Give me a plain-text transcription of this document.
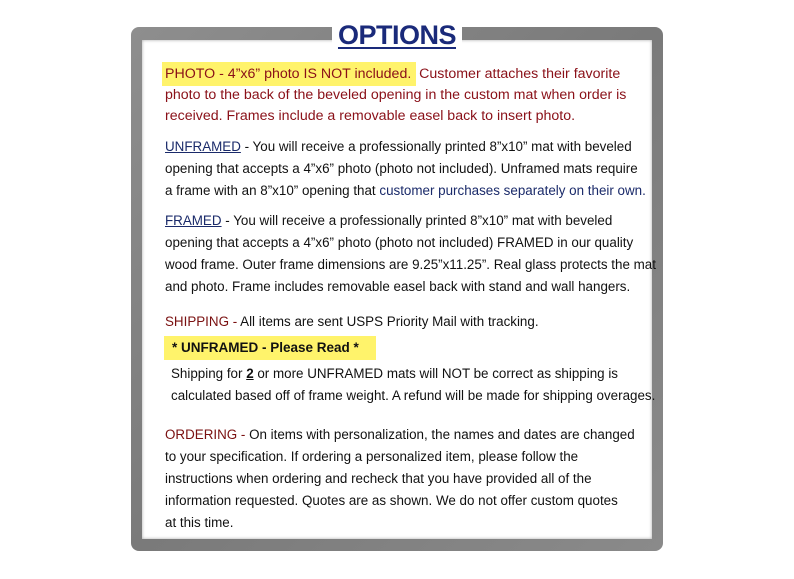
OPTIONS
PHOTO - 4”x6” photo IS NOT included. Customer attaches their favorite
photo to the back of the beveled opening in the custom mat when order is
received. Frames include a removable easel back to insert photo.
UNFRAMED - You will receive a professionally printed 8”x10” mat with beveled
opening that accepts a 4”x6” photo (photo not included). Unframed mats require
a frame with an 8”x10” opening that customer purchases separately on their own.
FRAMED - You will receive a professionally printed 8”x10” mat with beveled
opening that accepts a 4”x6” photo (photo not included) FRAMED in our quality
wood frame. Outer frame dimensions are 9.25”x11.25”. Real glass protects the mat
and photo. Frame includes removable easel back with stand and wall hangers.
SHIPPING - All items are sent USPS Priority Mail with tracking.
* UNFRAMED - Please Read *
Shipping for 2 or more UNFRAMED mats will NOT be correct as shipping is
calculated based off of frame weight. A refund will be made for shipping overages.
ORDERING - On items with personalization, the names and dates are changed
to your specification. If ordering a personalized item, please follow the
instructions when ordering and recheck that you have provided all of the
information requested. Quotes are as shown. We do not offer custom quotes
at this time.
